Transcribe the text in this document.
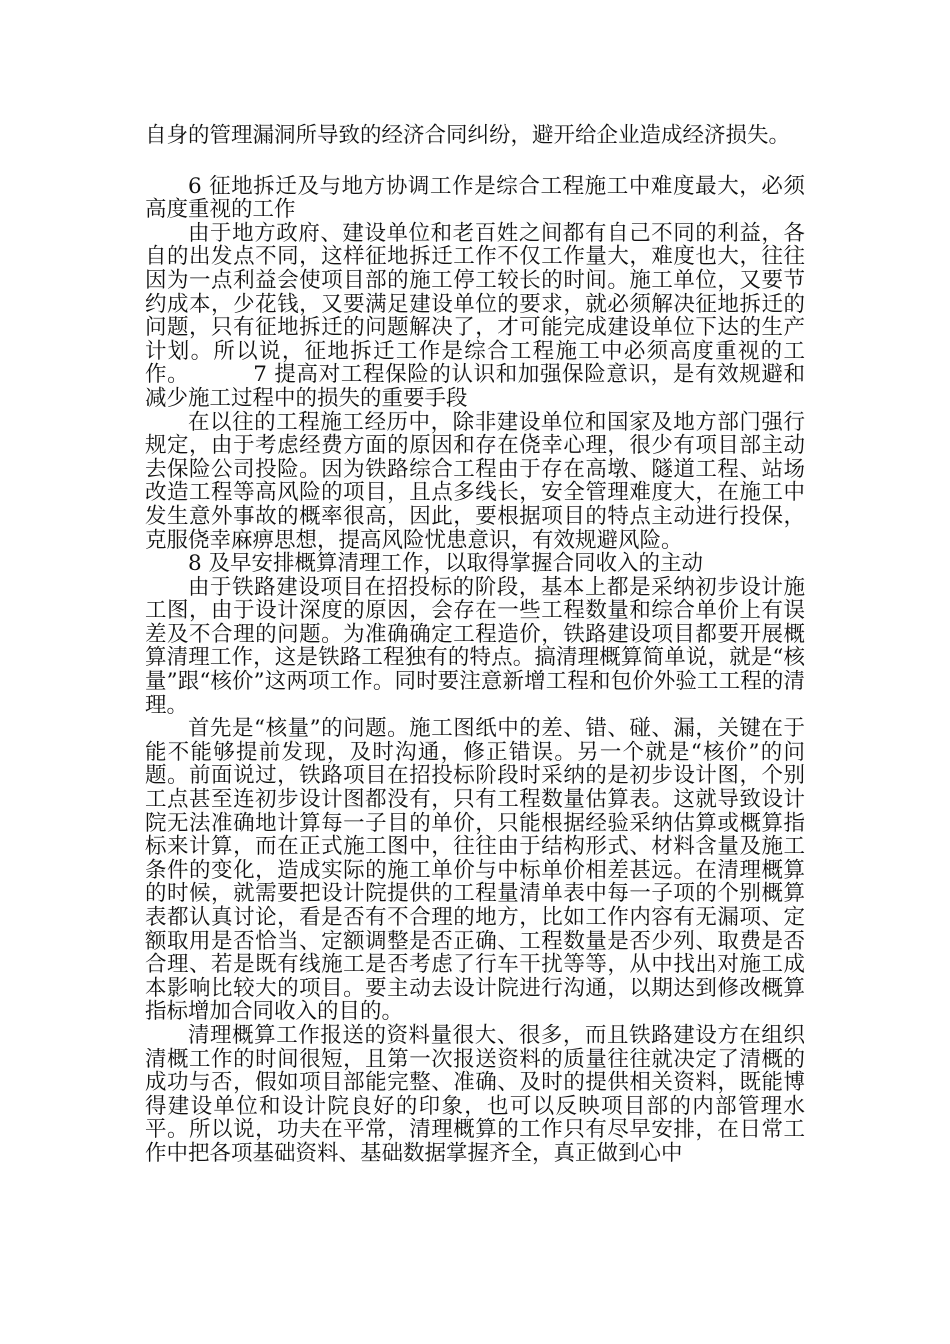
自身的管理漏洞所导致的经济合同纠纷，避开给企业造成经济损失。

6 征地拆迁及与地方协调工作是综合工程施工中难度最大，必须高度重视的工作

由于地方政府、建设单位和老百姓之间都有自己不同的利益，各自的出发点不同，这样征地拆迁工作不仅工作量大，难度也大，往往因为一点利益会使项目部的施工停工较长的时间。施工单位，又要节约成本，少花钱，又要满足建设单位的要求，就必须解决征地拆迁的问题，只有征地拆迁的问题解决了，才可能完成建设单位下达的生产计划。所以说，征地拆迁工作是综合工程施工中必须高度重视的工作。	7 提高对工程保险的认识和加强保险意识，是有效规避和减少施工过程中的损失的重要手段

在以往的工程施工经历中，除非建设单位和国家及地方部门强行规定，由于考虑经费方面的原因和存在侥幸心理，很少有项目部主动去保险公司投险。因为铁路综合工程由于存在高墩、隧道工程、站场改造工程等高风险的项目，且点多线长，安全管理难度大，在施工中发生意外事故的概率很高，因此，要根据项目的特点主动进行投保，克服侥幸麻痹思想，提高风险忧患意识，有效规避风险。

8 及早安排概算清理工作，以取得掌握合同收入的主动

由于铁路建设项目在招投标的阶段，基本上都是采纳初步设计施工图，由于设计深度的原因，会存在一些工程数量和综合单价上有误差及不合理的问题。为准确确定工程造价，铁路建设项目都要开展概算清理工作，这是铁路工程独有的特点。搞清理概算简单说，就是“核量”跟“核价”这两项工作。同时要注意新增工程和包价外验工工程的清理。

首先是“核量”的问题。施工图纸中的差、错、碰、漏，关键在于能不能够提前发现，及时沟通，修正错误。另一个就是“核价”的问题。前面说过，铁路项目在招投标阶段时采纳的是初步设计图，个别工点甚至连初步设计图都没有，只有工程数量估算表。这就导致设计院无法准确地计算每一子目的单价，只能根据经验采纳估算或概算指标来计算，而在正式施工图中，往往由于结构形式、材料含量及施工条件的变化，造成实际的施工单价与中标单价相差甚远。在清理概算的时候，就需要把设计院提供的工程量清单表中每一子项的个别概算表都认真讨论，看是否有不合理的地方，比如工作内容有无漏项、定额取用是否恰当、定额调整是否正确、工程数量是否少列、取费是否合理、若是既有线施工是否考虑了行车干扰等等，从中找出对施工成本影响比较大的项目。要主动去设计院进行沟通，以期达到修改概算指标增加合同收入的目的。

清理概算工作报送的资料量很大、很多，而且铁路建设方在组织清概工作的时间很短，且第一次报送资料的质量往往就决定了清概的成功与否，假如项目部能完整、准确、及时的提供相关资料，既能博得建设单位和设计院良好的印象，也可以反映项目部的内部管理水平。所以说，功夫在平常，清理概算的工作只有尽早安排，在日常工作中把各项基础资料、基础数据掌握齐全，真正做到心中
